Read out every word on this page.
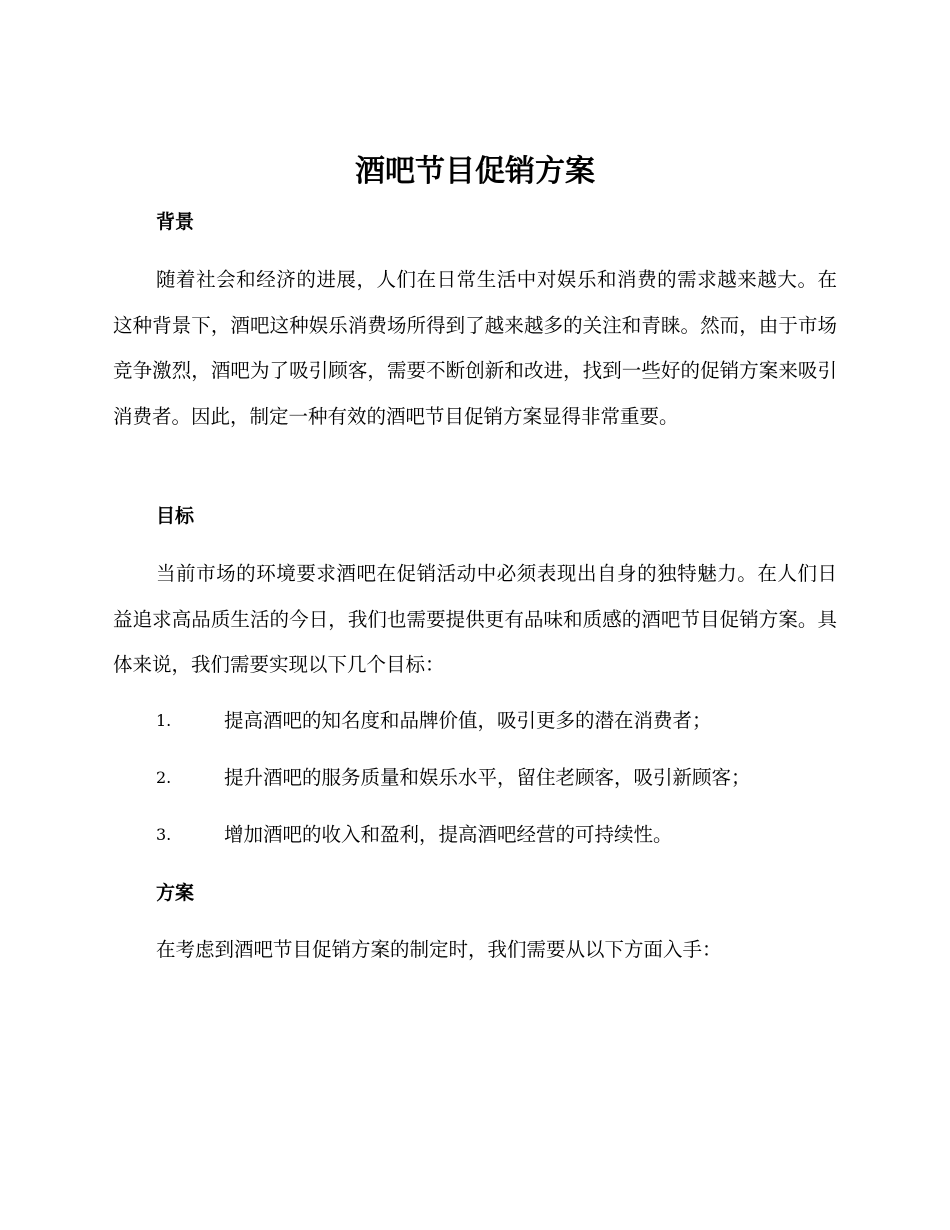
酒吧节目促销方案
背景

随着社会和经济的进展，人们在日常生活中对娱乐和消费的需求越来越大。在这种背景下，酒吧这种娱乐消费场所得到了越来越多的关注和青睐。然而，由于市场竞争激烈，酒吧为了吸引顾客，需要不断创新和改进，找到一些好的促销方案来吸引消费者。因此，制定一种有效的酒吧节目促销方案显得非常重要。

目标

当前市场的环境要求酒吧在促销活动中必须表现出自身的独特魅力。在人们日益追求高品质生活的今日，我们也需要提供更有品味和质感的酒吧节目促销方案。具体来说，我们需要实现以下几个目标：

1.	提高酒吧的知名度和品牌价值，吸引更多的潜在消费者；
2.	提升酒吧的服务质量和娱乐水平，留住老顾客，吸引新顾客；
3.	增加酒吧的收入和盈利，提高酒吧经营的可持续性。
方案

在考虑到酒吧节目促销方案的制定时，我们需要从以下方面入手：
